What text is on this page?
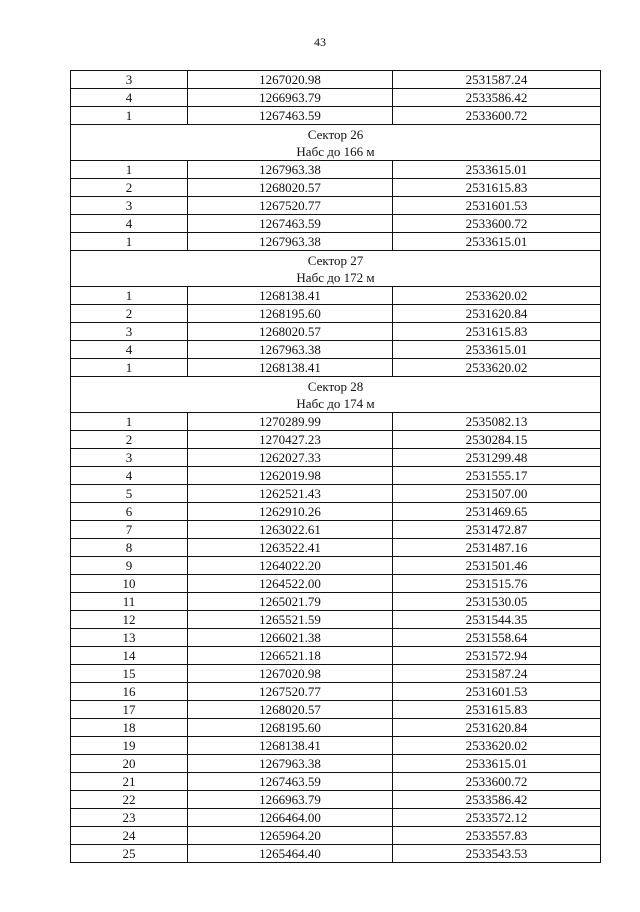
43
3	1267020.98	2531587.24
4	1266963.79	2533586.42
1	1267463.59	2533600.72

Сектор 26
Набс до 166 м		

1	1267963.38	2533615.01
2	1268020.57	2531615.83
3	1267520.77	2531601.53
4	1267463.59	2533600.72
1	1267963.38	2533615.01

Сектор 27
Набс до 172 м		

1	1268138.41	2533620.02
2	1268195.60	2531620.84
3	1268020.57	2531615.83
4	1267963.38	2533615.01
1	1268138.41	2533620.02

Сектор 28
Набс до 174 м		

1	1270289.99	2535082.13
2	1270427.23	2530284.15
3	1262027.33	2531299.48
4	1262019.98	2531555.17
5	1262521.43	2531507.00
6	1262910.26	2531469.65
7	1263022.61	2531472.87
8	1263522.41	2531487.16
9	1264022.20	2531501.46
10	1264522.00	2531515.76
11	1265021.79	2531530.05
12	1265521.59	2531544.35
13	1266021.38	2531558.64
14	1266521.18	2531572.94
15	1267020.98	2531587.24
16	1267520.77	2531601.53
17	1268020.57	2531615.83
18	1268195.60	2531620.84
19	1268138.41	2533620.02
20	1267963.38	2533615.01
21	1267463.59	2533600.72
22	1266963.79	2533586.42
23	1266464.00	2533572.12
24	1265964.20	2533557.83
25	1265464.40	2533543.53
